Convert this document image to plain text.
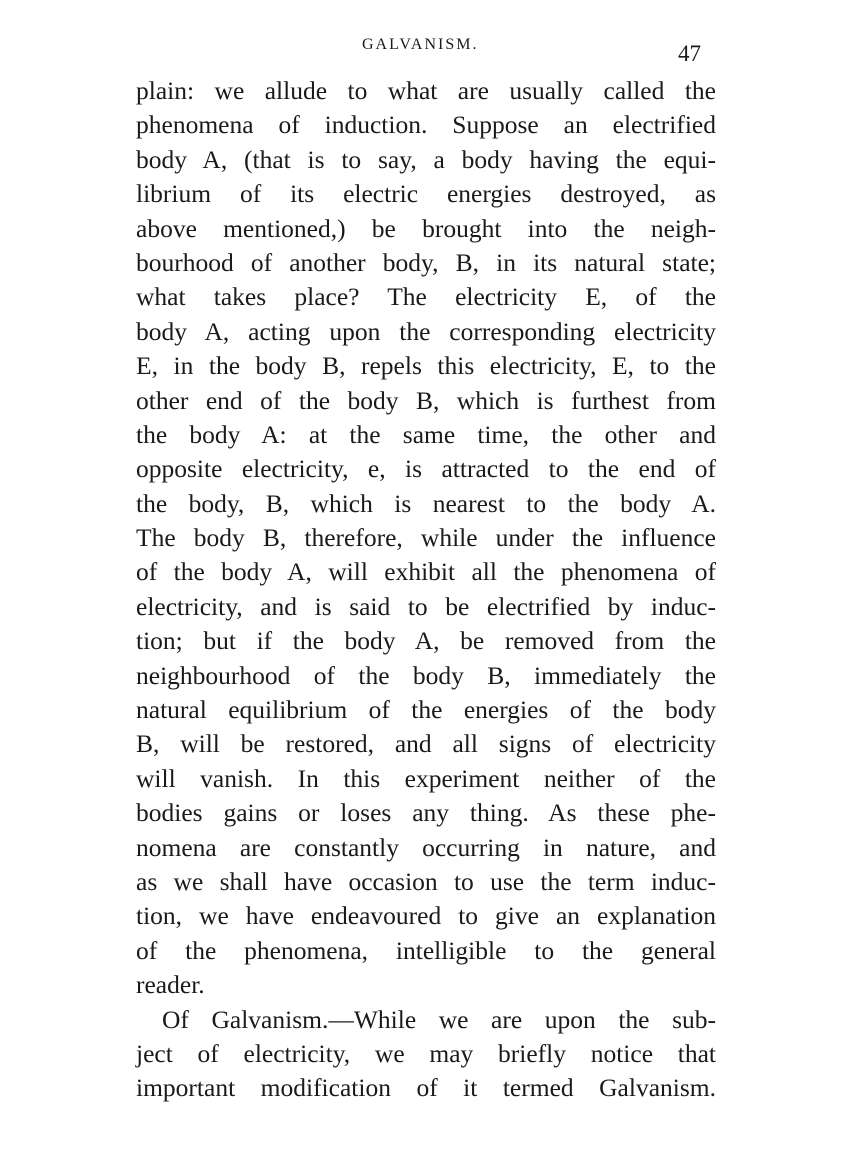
GALVANISM.	47
plain: we allude to what are usually called the
phenomena of induction. Suppose an electrified
body A, (that is to say, a body having the equi-
librium of its electric energies destroyed, as
above mentioned,) be brought into the neigh-
bourhood of another body, B, in its natural state;
what takes place? The electricity E, of the
body A, acting upon the corresponding electricity
E, in the body B, repels this electricity, E, to the
other end of the body B, which is furthest from
the body A: at the same time, the other and
opposite electricity, e, is attracted to the end of
the body, B, which is nearest to the body A.
The body B, therefore, while under the influence
of the body A, will exhibit all the phenomena of
electricity, and is said to be electrified by induc-
tion; but if the body A, be removed from the
neighbourhood of the body B, immediately the
natural equilibrium of the energies of the body
B, will be restored, and all signs of electricity
will vanish. In this experiment neither of the
bodies gains or loses any thing. As these phe-
nomena are constantly occurring in nature, and
as we shall have occasion to use the term induc-
tion, we have endeavoured to give an explanation
of the phenomena, intelligible to the general
reader.
Of Galvanism.—While we are upon the sub-
ject of electricity, we may briefly notice that
important modification of it termed Galvanism.
